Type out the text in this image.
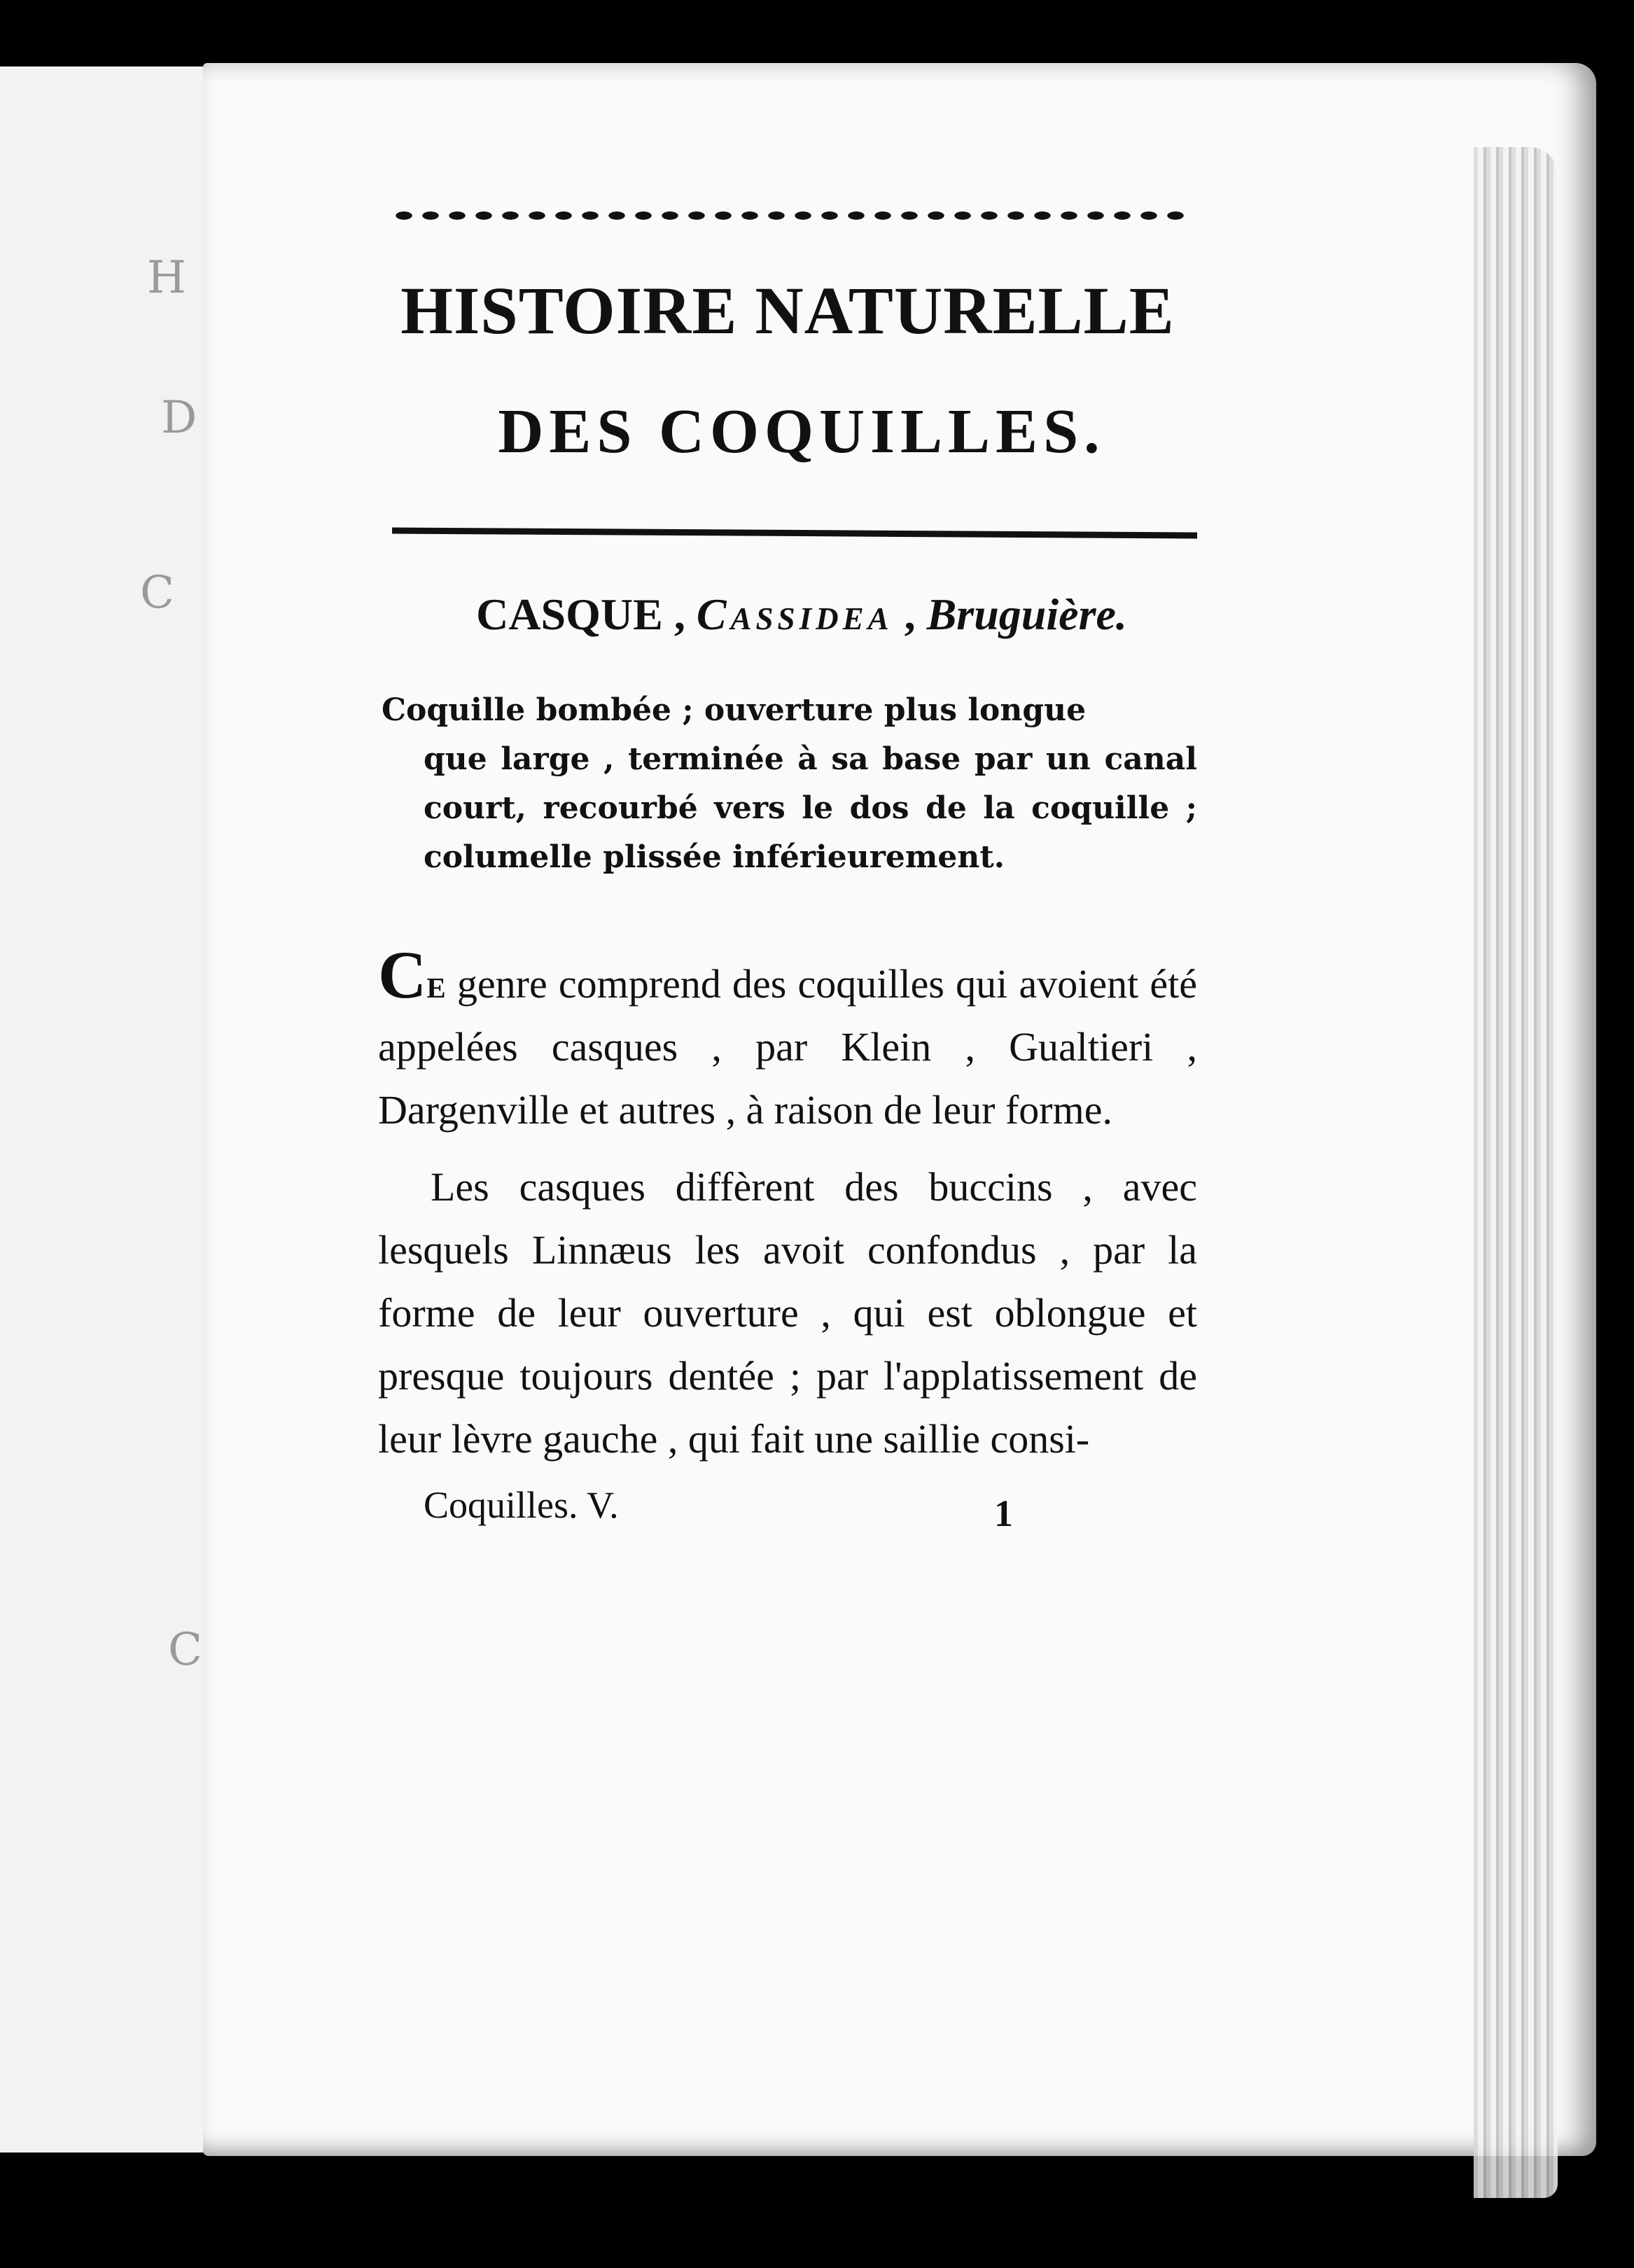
H
D
C
C
HISTOIRE NATURELLE
DES COQUILLES.
CASQUE , Cassidea , Bruguière.
Coquille bombée ; ouverture plus longue
que large , terminée à sa base par un canal court, recourbé vers le dos de la coquille ; columelle plissée inférieurement.

Ce genre comprend des coquilles qui avoient été appelées casques , par Klein , Gualtieri , Dargenville et autres , à raison de leur forme.

Les casques diffèrent des buccins , avec lesquels Linnæus les avoit confondus , par la forme de leur ouverture , qui est oblongue et presque toujours dentée ; par l'applatissement de leur lèvre gauche , qui fait une saillie consi-

Coquilles. V.	1
